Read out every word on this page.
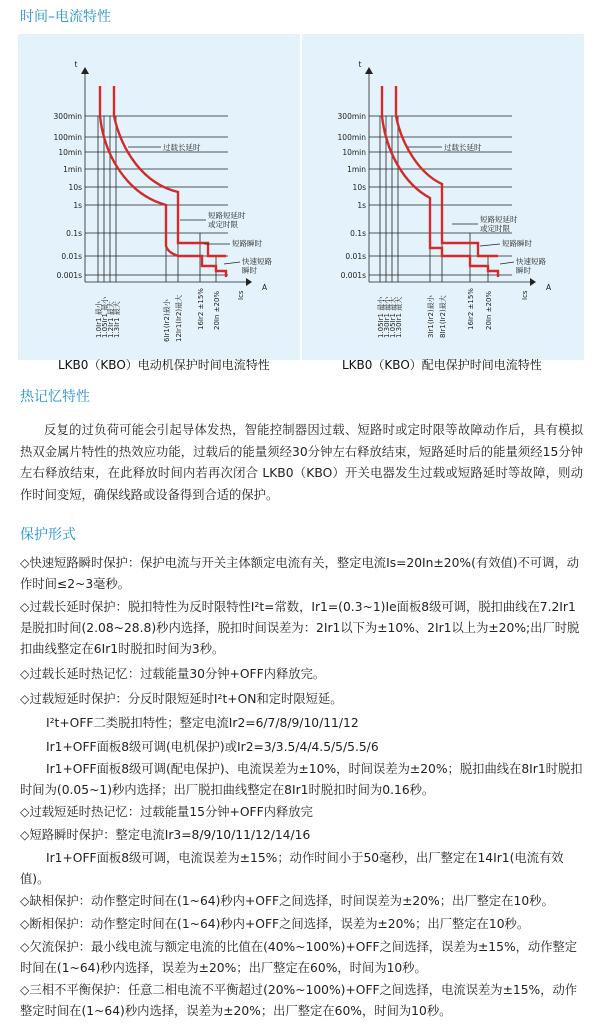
时间–电流特性
t
A
300min
100min
10min
1min
10s
1s
0.1s
0.01s
0.001s
过载长延时
短路短延时或定时限
短路瞬时
快速短路瞬时
1.0Ir1 最小
1.05Ir1 最小
1.2Ir1 最大
1.3Ir1 最大	6Ir1(Ir2)最小 12Ir1(Ir2)最大 16Ir2 ±15% 20In ±20% Ics
LKB0（KBO）电动机保护时间电流特性
t
A
300min
100min
10min
1min
10s
1s
0.1s
0.01s
0.001s
过载长延时
短路短延时或定时限
短路瞬时
快速短路瞬时
1.05Ir1 最小
1.30Ir1 最小
1.05Ir1 最大
1.30Ir1 最大	3Ir1(Ir2)最小 8Ir1(Ir2)最大	16Ir2 ±15% 20In ±20%	Ics
LKB0（KBO）配电保护时间电流特性
热记忆特性
反复的过负荷可能会引起导体发热，智能控制器因过载、短路时或定时限等故障动作后，具有模拟热双金属片特性的热效应功能，过载后的能量须经30分钟左右释放结束，短路延时后的能量须经15分钟左右释放结束，在此释放时间内若再次闭合 LKB0（KBO）开关电器发生过载或短路延时等故障，则动作时间变短，确保线路或设备得到合适的保护。
保护形式
◇快速短路瞬时保护：保护电流与开关主体额定电流有关，整定电流Is=20In±20%(有效值)不可调，动作时间≤2~3毫秒。
◇过载长延时保护：脱扣特性为反时限特性I²t=常数，Ir1=(0.3~1)Ie面板8级可调，脱扣曲线在7.2Ir1是脱扣时间(2.08~28.8)秒内选择，脱扣时间误差为：2Ir1以下为±10%、2Ir1以上为±20%;出厂时脱扣曲线整定在6Ir1时脱扣时间为3秒。
◇过载长延时热记忆：过载能量30分钟+OFF内释放完。
◇过载短延时保护：分反时限短延时I²t+ON和定时限短延。
I²t+OFF二类脱扣特性；整定电流Ir2=6/7/8/9/10/11/12
Ir1+OFF面板8级可调(电机保护)或Ir2=3/3.5/4/4.5/5/5.5/6
Ir1+OFF面板8级可调(配电保护)、电流误差为±10%，时间误差为±20%；脱扣曲线在8Ir1时脱扣时间为(0.05~1)秒内选择；出厂脱扣曲线整定在8Ir1时脱扣时间为0.16秒。
◇过载短延时热记忆：过载能量15分钟+OFF内释放完
◇短路瞬时保护：整定电流Ir3=8/9/10/11/12/14/16
Ir1+OFF面板8级可调，电流误差为±15%；动作时间小于50毫秒，出厂整定在14Ir1(电流有效值)。
◇缺相保护：动作整定时间在(1~64)秒内+OFF之间选择，时间误差为±20%；出厂整定在10秒。
◇断相保护：动作整定时间在(1~64)秒内+OFF之间选择，误差为±20%；出厂整定在10秒。
◇欠流保护：最小线电流与额定电流的比值在(40%~100%)+OFF之间选择，误差为±15%，动作整定时间在(1~64)秒内选择，误差为±20%；出厂整定在60%，时间为10秒。
◇三相不平衡保护：任意二相电流不平衡超过(20%~100%)+OFF之间选择，电流误差为±15%，动作整定时间在(1~64)秒内选择，误差为±20%；出厂整定在60%，时间为10秒。
